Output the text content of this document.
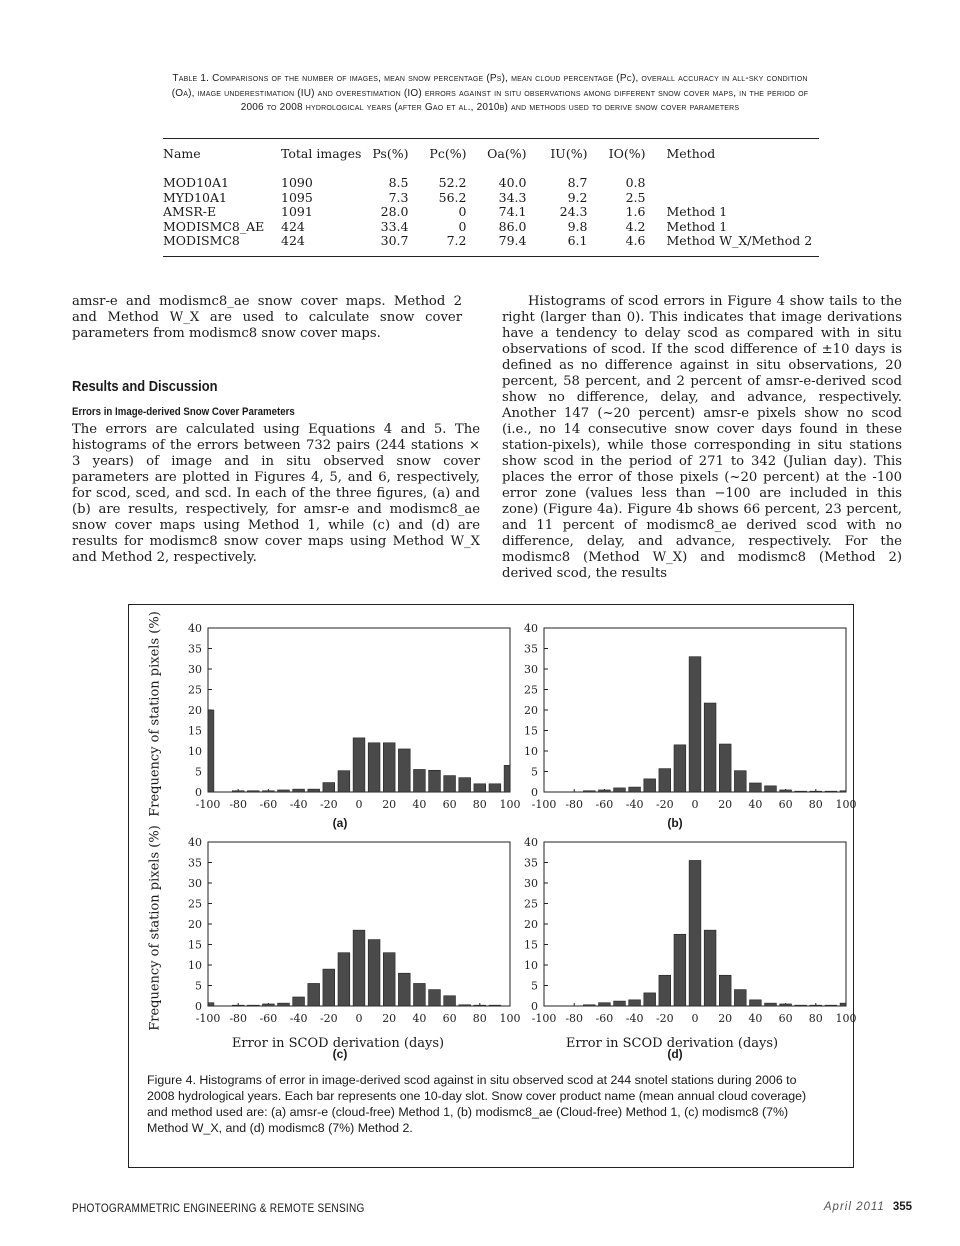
Table 1. Comparisons of the number of images, mean snow percentage (Ps), mean cloud percentage (Pc), overall accuracy in all-sky condition (Oa), image underestimation (IU) and overestimation (IO) errors against in situ observations among different snow cover maps, in the period of 2006 to 2008 hydrological years (after Gao et al., 2010b) and methods used to derive snow cover parameters
Name	Total images	Ps(%)	Pc(%)	Oa(%)	IU(%)	IO(%)	Method
MOD10A1	1090	8.5	52.2	40.0	8.7	0.8	
MYD10A1	1095	7.3	56.2	34.3	9.2	2.5	
AMSR-E	1091	28.0	0	74.1	24.3	1.6	Method 1
MODISMC8_AE	424	33.4	0	86.0	9.8	4.2	Method 1
MODISMC8	424	30.7	7.2	79.4	6.1	4.6	Method W_X/Method 2

amsr-e and modismc8_ae snow cover maps. Method 2 and Method W_X are used to calculate snow cover parameters from modismc8 snow cover maps.

Results and Discussion
Errors in Image-derived Snow Cover Parameters

The errors are calculated using Equations 4 and 5. The histograms of the errors between 732 pairs (244 stations × 3 years) of image and in situ observed snow cover parameters are plotted in Figures 4, 5, and 6, respectively, for scod, sced, and scd. In each of the three figures, (a) and (b) are results, respectively, for amsr-e and modismc8_ae snow cover maps using Method 1, while (c) and (d) are results for modismc8 snow cover maps using Method W_X and Method 2, respectively.

Histograms of scod errors in Figure 4 show tails to the right (larger than 0). This indicates that image derivations have a tendency to delay scod as compared with in situ observations of scod. If the scod difference of ±10 days is defined as no difference against in situ observations, 20 percent, 58 percent, and 2 percent of amsr-e-derived scod show no difference, delay, and advance, respectively. Another 147 (~20 percent) amsr-e pixels show no scod (i.e., no 14 consecutive snow cover days found in these station-pixels), while those corresponding in situ stations show scod in the period of 271 to 342 (Julian day). This places the error of those pixels (~20 percent) at the -100 error zone (values less than −100 are included in this zone) (Figure 4a). Figure 4b shows 66 percent, 23 percent, and 11 percent of modismc8_ae derived scod with no difference, delay, and advance, respectively. For the modismc8 (Method W_X) and modismc8 (Method 2) derived scod, the results

-100 -80 -60 -40 -20 0 20 40 60 80 100
0
5
10
15
20
25
30
35
40
-100 -80 -60 -40 -20 0 20 40 60 80 100
0
5
10
15
20
25
30
35
40
-100 -80 -60 -40 -20 0 20 40 60 80 100
0
5
10
15
20
25
30
35
40
-100 -80 -60 -40 -20 0 20 40 60 80 100
0
5
10
15
20
25
30
35
40
Frequency of station pixels (%)
Frequency of station pixels (%)
Error in SCOD derivation (days)	Error in SCOD derivation (days)
(a)	(b)
(c)	(d)
Figure 4. Histograms of error in image-derived scod against in situ observed scod at 244 snotel stations during 2006 to 2008 hydrological years. Each bar represents one 10-day slot. Snow cover product name (mean annual cloud coverage) and method used are: (a) amsr-e (cloud-free) Method 1, (b) modismc8_ae (Cloud-free) Method 1, (c) modismc8 (7%) Method W_X, and (d) modismc8 (7%) Method 2.
PHOTOGRAMMETRIC ENGINEERING & REMOTE SENSING	April 2011 355
